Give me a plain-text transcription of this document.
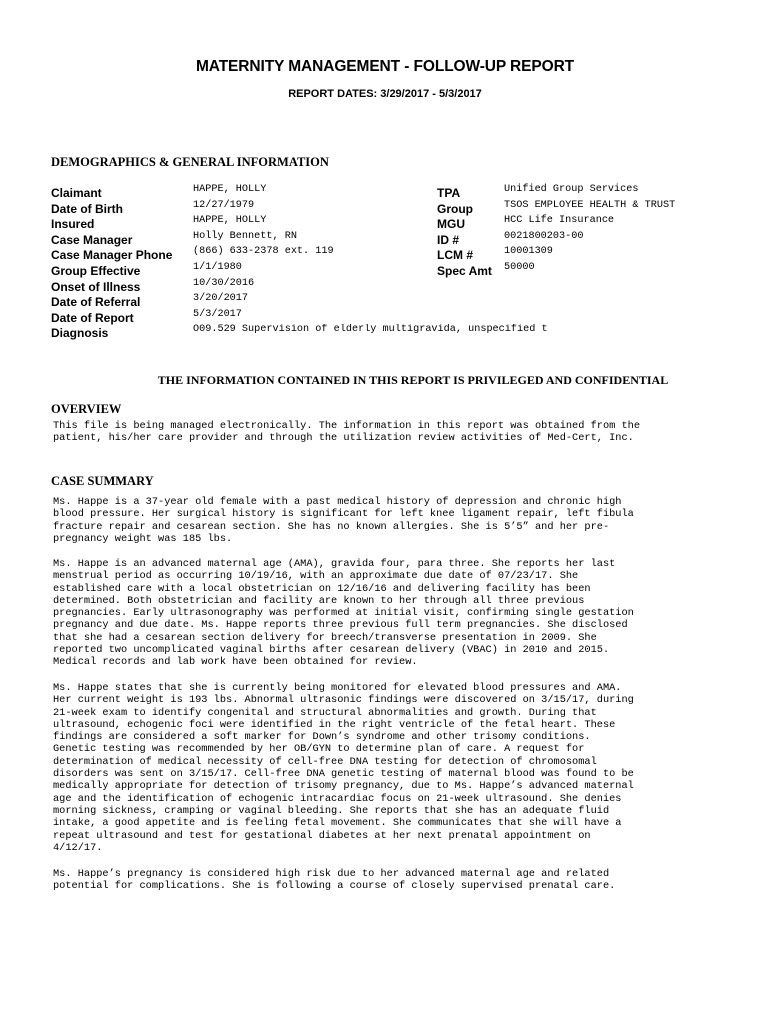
MATERNITY MANAGEMENT - FOLLOW-UP REPORT
REPORT DATES: 3/29/2017 - 5/3/2017
DEMOGRAPHICS & GENERAL INFORMATION
Claimant
Date of Birth
Insured
Case Manager
Case Manager Phone
Group Effective
Onset of Illness
Date of Referral
Date of Report
Diagnosis
HAPPE, HOLLY
12/27/1979
HAPPE, HOLLY
Holly Bennett, RN
(866) 633-2378 ext. 119
1/1/1980
10/30/2016
3/20/2017
5/3/2017
O09.529 Supervision of elderly multigravida, unspecified t
TPA
Group
MGU
ID #
LCM #
Spec Amt
Unified Group Services
TSOS EMPLOYEE HEALTH & TRUST
HCC Life Insurance
0021800203-00
10001309
50000
THE INFORMATION CONTAINED IN THIS REPORT IS PRIVILEGED AND CONFIDENTIAL
OVERVIEW

This file is being managed electronically. The information in this report was obtained from the
patient, his/her care provider and through the utilization review activities of Med-Cert, Inc.

CASE SUMMARY

Ms. Happe is a 37-year old female with a past medical history of depression and chronic high
blood pressure. Her surgical history is significant for left knee ligament repair, left fibula
fracture repair and cesarean section. She has no known allergies. She is 5’5” and her pre-
pregnancy weight was 185 lbs.

Ms. Happe is an advanced maternal age (AMA), gravida four, para three. She reports her last
menstrual period as occurring 10/19/16, with an approximate due date of 07/23/17. She
established care with a local obstetrician on 12/16/16 and delivering facility has been
determined. Both obstetrician and facility are known to her through all three previous
pregnancies. Early ultrasonography was performed at initial visit, confirming single gestation
pregnancy and due date. Ms. Happe reports three previous full term pregnancies. She disclosed
that she had a cesarean section delivery for breech/transverse presentation in 2009. She
reported two uncomplicated vaginal births after cesarean delivery (VBAC) in 2010 and 2015.
Medical records and lab work have been obtained for review.

Ms. Happe states that she is currently being monitored for elevated blood pressures and AMA.
Her current weight is 193 lbs. Abnormal ultrasonic findings were discovered on 3/15/17, during
21-week exam to identify congenital and structural abnormalities and growth. During that
ultrasound, echogenic foci were identified in the right ventricle of the fetal heart. These
findings are considered a soft marker for Down’s syndrome and other trisomy conditions.
Genetic testing was recommended by her OB/GYN to determine plan of care. A request for
determination of medical necessity of cell-free DNA testing for detection of chromosomal
disorders was sent on 3/15/17. Cell-free DNA genetic testing of maternal blood was found to be
medically appropriate for detection of trisomy pregnancy, due to Ms. Happe’s advanced maternal
age and the identification of echogenic intracardiac focus on 21-week ultrasound. She denies
morning sickness, cramping or vaginal bleeding. She reports that she has an adequate fluid
intake, a good appetite and is feeling fetal movement. She communicates that she will have a
repeat ultrasound and test for gestational diabetes at her next prenatal appointment on
4/12/17.

Ms. Happe’s pregnancy is considered high risk due to her advanced maternal age and related
potential for complications. She is following a course of closely supervised prenatal care.
